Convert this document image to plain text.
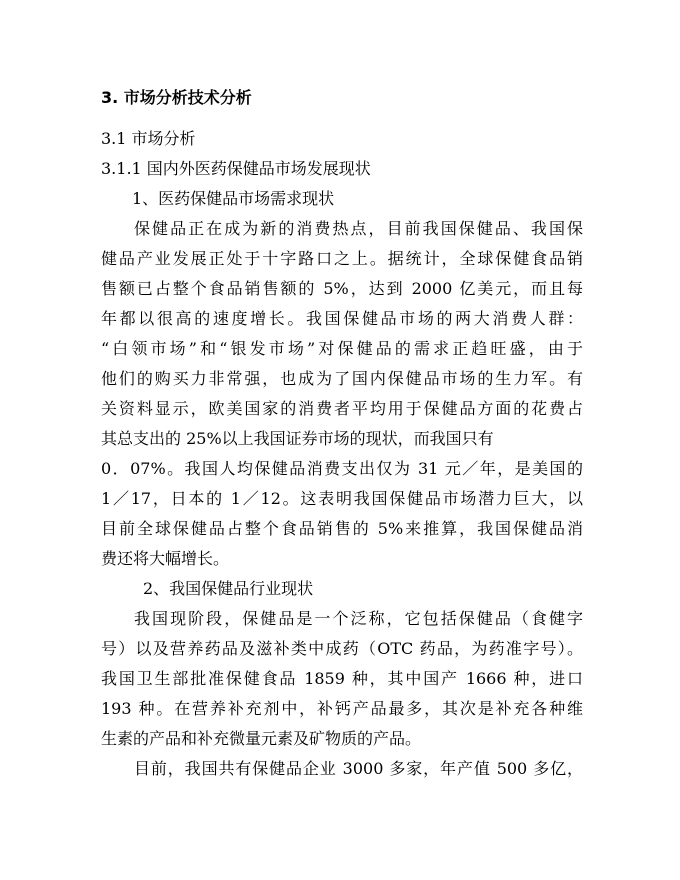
3. 市场分析技术分析
3.1 市场分析
3.1.1 国内外医药保健品市场发展现状
1、医药保健品市场需求现状
保健品正在成为新的消费热点，目前我国保健品、我国保
健品产业发展正处于十字路口之上。据统计，全球保健食品销
售额已占整个食品销售额的 5%，达到 2000 亿美元，而且每
年都以很高的速度增长。我国保健品市场的两大消费人群：
“白领市场”和“银发市场”对保健品的需求正趋旺盛，由于
他们的购买力非常强，也成为了国内保健品市场的生力军。有
关资料显示，欧美国家的消费者平均用于保健品方面的花费占
其总支出的 25%以上我国证券市场的现状，而我国只有
0．07%。我国人均保健品消费支出仅为 31 元／年，是美国的
1／17，日本的 1／12。这表明我国保健品市场潜力巨大，以
目前全球保健品占整个食品销售的 5%来推算，我国保健品消
费还将大幅增长。
2、我国保健品行业现状
我国现阶段，保健品是一个泛称，它包括保健品（食健字
号）以及营养药品及滋补类中成药（OTC 药品，为药准字号）。
我国卫生部批准保健食品 1859 种，其中国产 1666 种，进口
193 种。在营养补充剂中，补钙产品最多，其次是补充各种维
生素的产品和补充微量元素及矿物质的产品。
目前，我国共有保健品企业 3000 多家，年产值 500 多亿，
